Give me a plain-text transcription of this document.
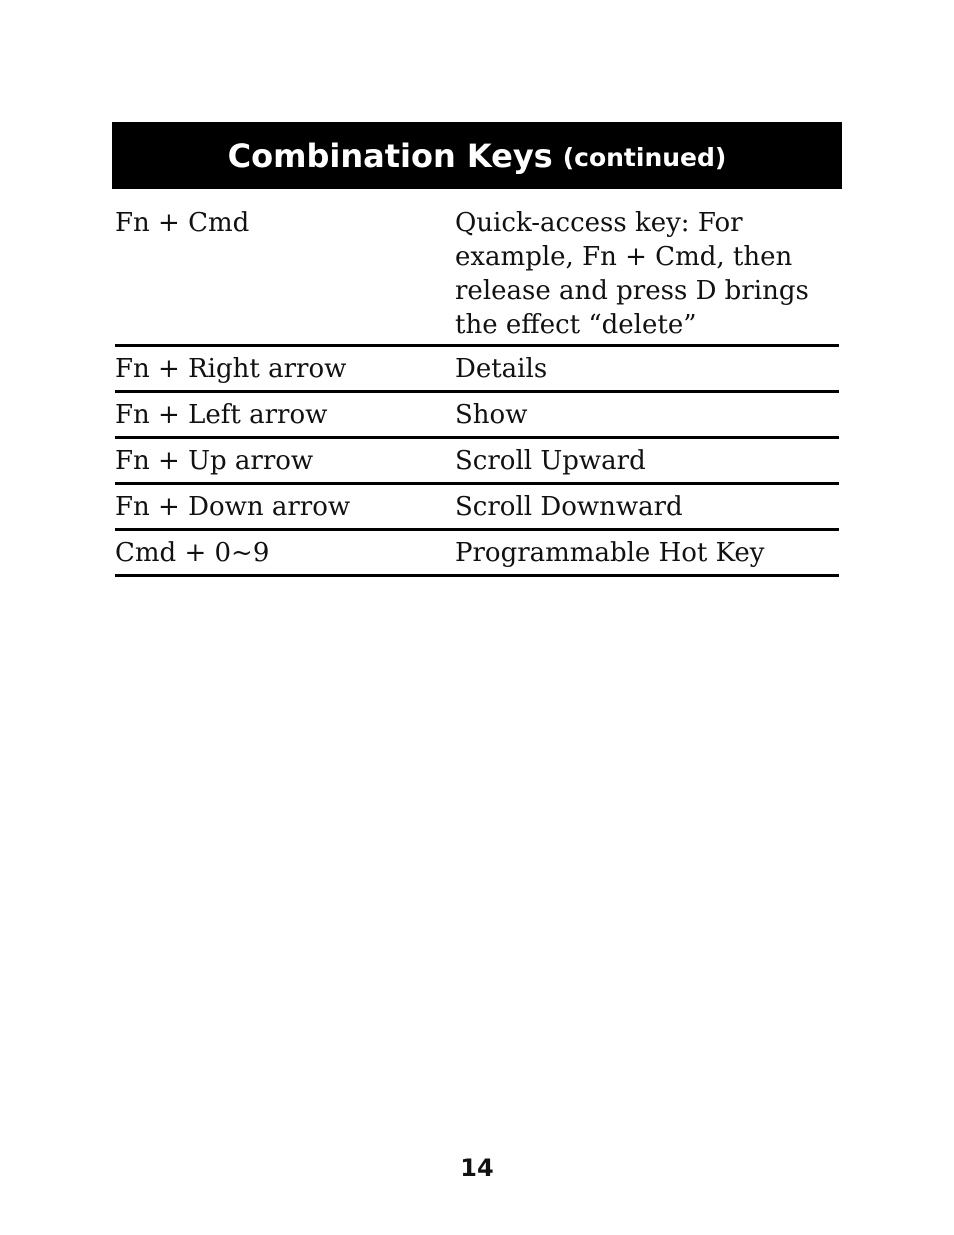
Combination Keys (continued)
Fn + Cmd	Quick-access key: For example, Fn + Cmd, then release and press D brings the effect “delete”
Fn + Right arrow	Details
Fn + Left arrow	Show
Fn + Up arrow	Scroll Upward
Fn + Down arrow	Scroll Downward
Cmd + 0~9	Programmable Hot Key
14
